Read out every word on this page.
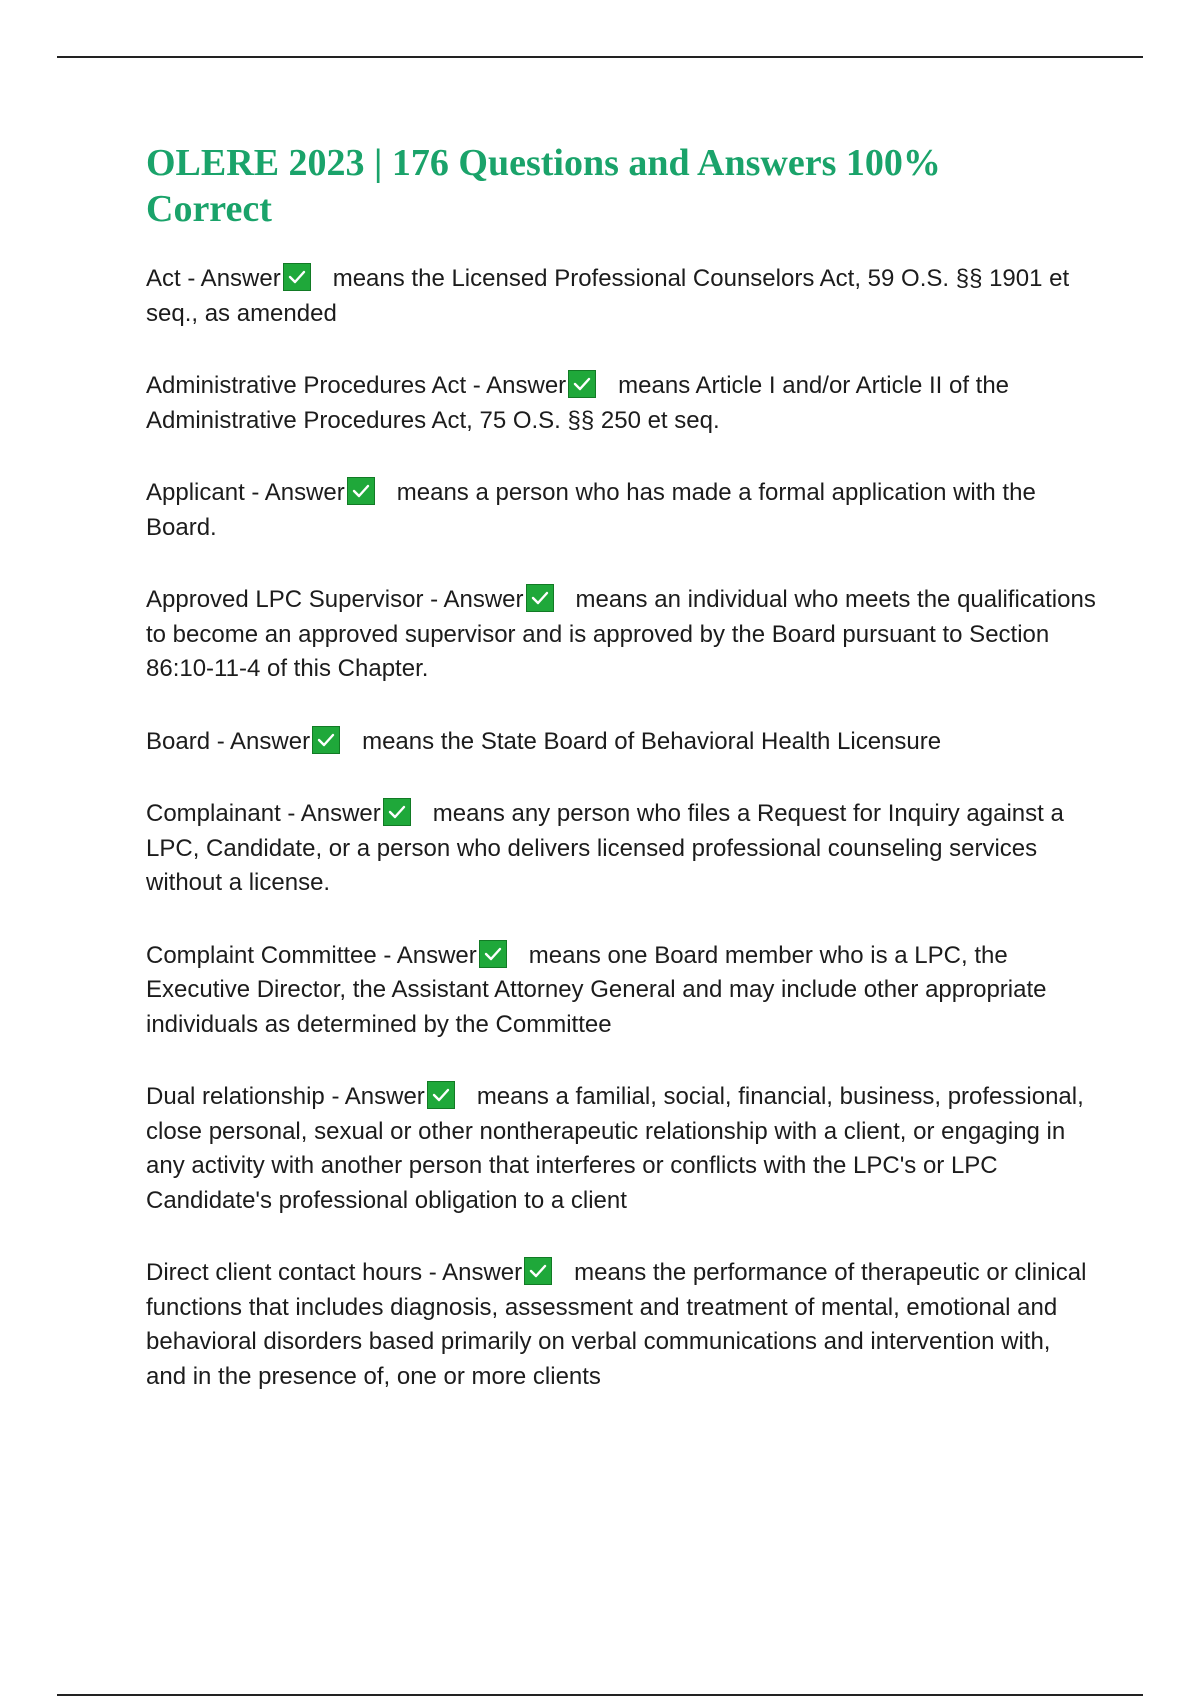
OLERE 2023 | 176 Questions and Answers 100% Correct

Act - Answer means the Licensed Professional Counselors Act, 59 O.S. §§ 1901 et seq., as amended

Administrative Procedures Act - Answer means Article I and/or Article II of the Administrative Procedures Act, 75 O.S. §§ 250 et seq.

Applicant - Answer means a person who has made a formal application with the Board.

Approved LPC Supervisor - Answer means an individual who meets the qualifications to become an approved supervisor and is approved by the Board pursuant to Section 86:10-11-4 of this Chapter.

Board - Answer means the State Board of Behavioral Health Licensure

Complainant - Answer means any person who files a Request for Inquiry against a LPC, Candidate, or a person who delivers licensed professional counseling services without a license.

Complaint Committee - Answer means one Board member who is a LPC, the Executive Director, the Assistant Attorney General and may include other appropriate individuals as determined by the Committee

Dual relationship - Answer means a familial, social, financial, business, professional, close personal, sexual or other nontherapeutic relationship with a client, or engaging in any activity with another person that interferes or conflicts with the LPC's or LPC Candidate's professional obligation to a client

Direct client contact hours - Answer means the performance of therapeutic or clinical functions that includes diagnosis, assessment and treatment of mental, emotional and behavioral disorders based primarily on verbal communications and intervention with, and in the presence of, one or more clients
